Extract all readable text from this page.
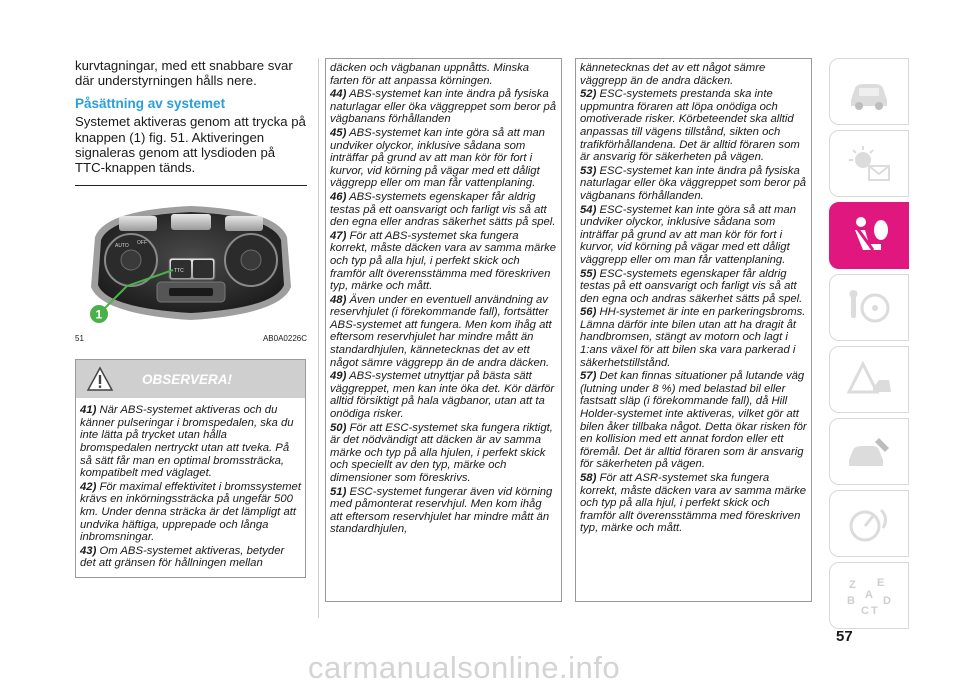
kurvtagningar, med ett snabbare svar där understyrningen hålls nere.

Påsättning av systemet

Systemet aktiveras genom att trycka på knappen (1) fig. 51. Aktiveringen signaleras genom att lysdioden på TTC-knappen tänds.

AUTO OFF
TTC
1
51	AB0A0226C
OBSERVERA!

41) När ABS-systemet aktiveras och du känner pulseringar i bromspedalen, ska du inte lätta på trycket utan hålla bromspedalen nertryckt utan att tveka. På så sätt får man en optimal bromssträcka, kompatibelt med väglaget.

42) För maximal effektivitet i bromssystemet krävs en inkörningssträcka på ungefär 500 km. Under denna sträcka är det lämpligt att undvika häftiga, upprepade och långa inbromsningar.

43) Om ABS-systemet aktiveras, betyder det att gränsen för hållningen mellan

däcken och vägbanan uppnåtts. Minska farten för att anpassa körningen.

44) ABS-systemet kan inte ändra på fysiska naturlagar eller öka väggreppet som beror på vägbanans förhållanden

45) ABS-systemet kan inte göra så att man undviker olyckor, inklusive sådana som inträffar på grund av att man kör för fort i kurvor, vid körning på vägar med ett dåligt väggrepp eller om man får vattenplaning.

46) ABS-systemets egenskaper får aldrig testas på ett oansvarigt och farligt vis så att den egna eller andras säkerhet sätts på spel.

47) För att ABS-systemet ska fungera korrekt, måste däcken vara av samma märke och typ på alla hjul, i perfekt skick och framför allt överensstämma med föreskriven typ, märke och mått.

48) Även under en eventuell användning av reservhjulet (i förekommande fall), fortsätter ABS-systemet att fungera. Men kom ihåg att eftersom reservhjulet har mindre mått än standardhjulen, kännetecknas det av ett något sämre väggrepp än de andra däcken.

49) ABS-systemet utnyttjar på bästa sätt väggreppet, men kan inte öka det. Kör därför alltid försiktigt på hala vägbanor, utan att ta onödiga risker.

50) För att ESC-systemet ska fungera riktigt, är det nödvändigt att däcken är av samma märke och typ på alla hjulen, i perfekt skick och speciellt av den typ, märke och dimensioner som föreskrivs.

51) ESC-systemet fungerar även vid körning med påmonterat reservhjul. Men kom ihåg att eftersom reservhjulet har mindre mått än standardhjulen,

kännetecknas det av ett något sämre väggrepp än de andra däcken.

52) ESC-systemets prestanda ska inte uppmuntra föraren att löpa onödiga och omotiverade risker. Körbeteendet ska alltid anpassas till vägens tillstånd, sikten och trafikförhållandena. Det är alltid föraren som är ansvarig för säkerheten på vägen.

53) ESC-systemet kan inte ändra på fysiska naturlagar eller öka väggreppet som beror på vägbanans förhållanden.

54) ESC-systemet kan inte göra så att man undviker olyckor, inklusive sådana som inträffar på grund av att man kör för fort i kurvor, vid körning på vägar med ett dåligt väggrepp eller om man får vattenplaning.

55) ESC-systemets egenskaper får aldrig testas på ett oansvarigt och farligt vis så att den egna och andras säkerhet sätts på spel.

56) HH-systemet är inte en parkeringsbroms. Lämna därför inte bilen utan att ha dragit åt handbromsen, stängt av motorn och lagt i 1:ans växel för att bilen ska vara parkerad i säkerhetstillstånd.

57) Det kan finnas situationer på lutande väg (lutning under 8 %) med belastad bil eller fastsatt släp (i förekommande fall), då Hill Holder-systemet inte aktiveras, vilket gör att bilen åker tillbaka något. Detta ökar risken för en kollision med ett annat fordon eller ett föremål. Det är alltid föraren som är ansvarig för säkerheten på vägen.

58) För att ASR-systemet ska fungera korrekt, måste däcken vara av samma märke och typ på alla hjul, i perfekt skick och framför allt överensstämma med föreskriven typ, märke och mått.

Z E
B
C T
A D
57
carmanualsonline.info
